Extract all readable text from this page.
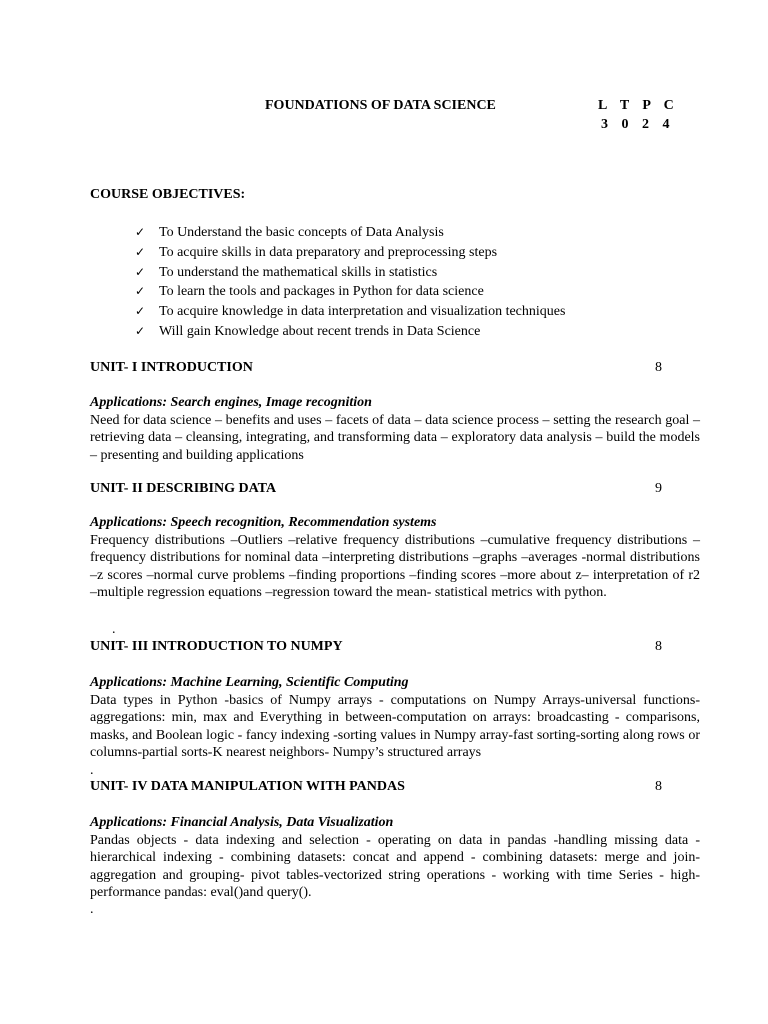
FOUNDATIONS OF DATA SCIENCE	L T P C
3 0 2 4
COURSE OBJECTIVES:
✓ To Understand the basic concepts of Data Analysis
✓ To acquire skills in data preparatory and preprocessing steps
✓ To understand the mathematical skills in statistics
✓ To learn the tools and packages in Python for data science
✓ To acquire knowledge in data interpretation and visualization techniques
✓ Will gain Knowledge about recent trends in Data Science
UNIT- I INTRODUCTION	8
Applications: Search engines, Image recognition
Need for data science – benefits and uses – facets of data – data science process – setting the research goal – retrieving data – cleansing, integrating, and transforming data – exploratory data analysis – build the models – presenting and building applications
UNIT- II DESCRIBING DATA	9
Applications: Speech recognition, Recommendation systems
Frequency distributions –Outliers –relative frequency distributions –cumulative frequency distributions – frequency distributions for nominal data –interpreting distributions –graphs –averages -normal distributions –z scores –normal curve problems –finding proportions –finding scores –more about z– interpretation of r2 –multiple regression equations –regression toward the mean- statistical metrics with python.
.
UNIT- III INTRODUCTION TO NUMPY	8
Applications: Machine Learning, Scientific Computing
Data types in Python -basics of Numpy arrays - computations on Numpy Arrays-universal functions- aggregations: min, max and Everything in between-computation on arrays: broadcasting - comparisons, masks, and Boolean logic - fancy indexing -sorting values in Numpy array-fast sorting-sorting along rows or columns-partial sorts-K nearest neighbors- Numpy’s structured arrays
.
UNIT- IV DATA MANIPULATION WITH PANDAS	8
Applications: Financial Analysis, Data Visualization
Pandas objects - data indexing and selection - operating on data in pandas -handling missing data - hierarchical indexing - combining datasets: concat and append - combining datasets: merge and join- aggregation and grouping- pivot tables-vectorized string operations - working with time Series - high- performance pandas: eval()and query().
.
